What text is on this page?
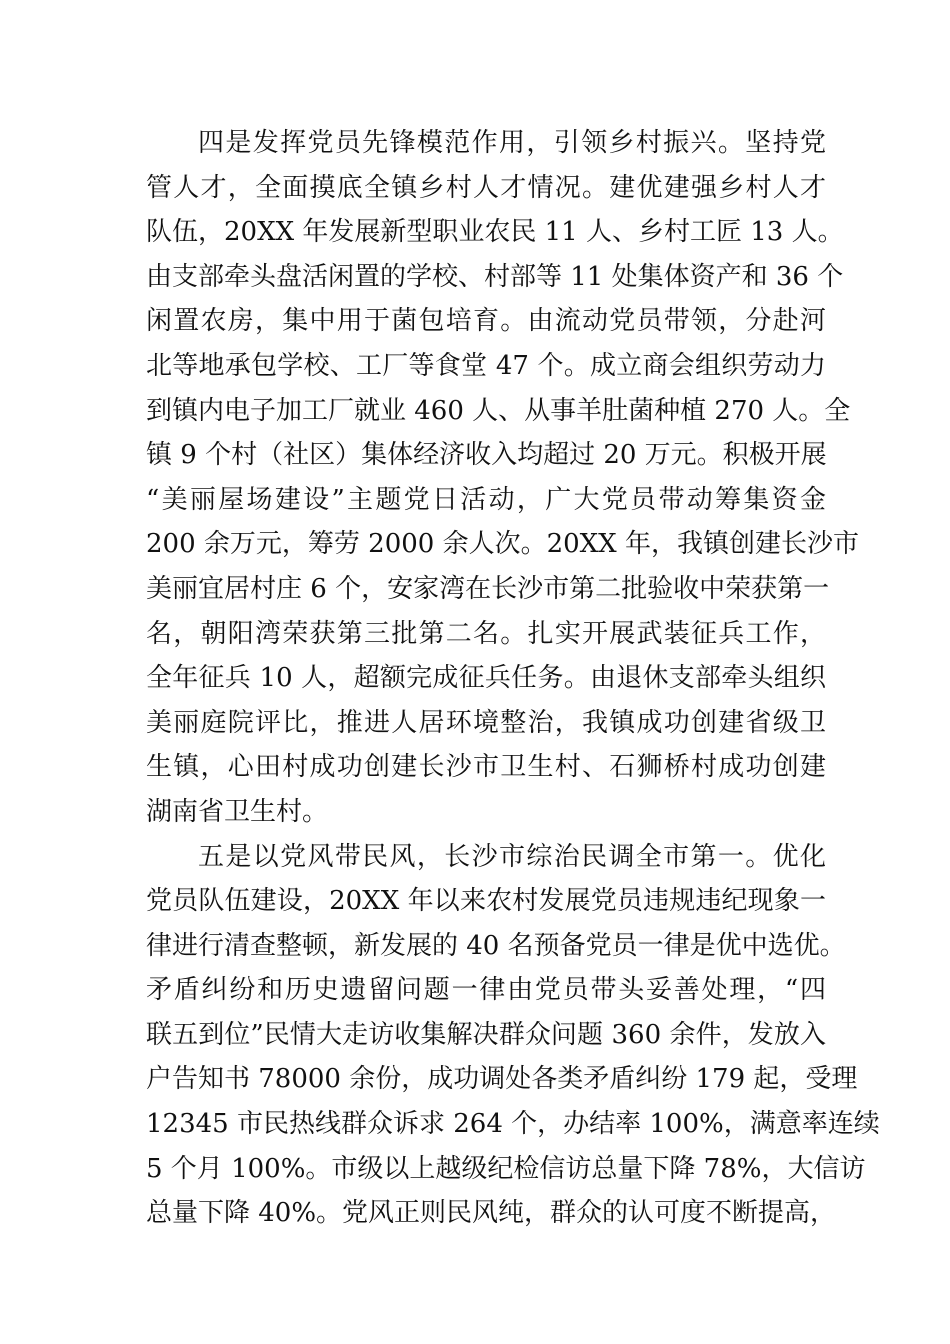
四是发挥党员先锋模范作用，引领乡村振兴。坚持党
管人才，全面摸底全镇乡村人才情况。建优建强乡村人才
队伍，20XX 年发展新型职业农民 11 人、乡村工匠 13 人。
由支部牵头盘活闲置的学校、村部等 11 处集体资产和 36 个
闲置农房，集中用于菌包培育。由流动党员带领，分赴河
北等地承包学校、工厂等食堂 47 个。成立商会组织劳动力
到镇内电子加工厂就业 460 人、从事羊肚菌种植 270 人。全
镇 9 个村（社区）集体经济收入均超过 20 万元。积极开展
“美丽屋场建设”主题党日活动，广大党员带动筹集资金
200 余万元，筹劳 2000 余人次。20XX 年，我镇创建长沙市
美丽宜居村庄 6 个，安家湾在长沙市第二批验收中荣获第一
名，朝阳湾荣获第三批第二名。扎实开展武装征兵工作，
全年征兵 10 人，超额完成征兵任务。由退休支部牵头组织
美丽庭院评比，推进人居环境整治，我镇成功创建省级卫
生镇，心田村成功创建长沙市卫生村、石狮桥村成功创建
湖南省卫生村。
五是以党风带民风，长沙市综治民调全市第一。优化
党员队伍建设，20XX 年以来农村发展党员违规违纪现象一
律进行清查整顿，新发展的 40 名预备党员一律是优中选优。
矛盾纠纷和历史遗留问题一律由党员带头妥善处理，“四
联五到位”民情大走访收集解决群众问题 360 余件，发放入
户告知书 78000 余份，成功调处各类矛盾纠纷 179 起，受理
12345 市民热线群众诉求 264 个，办结率 100%，满意率连续
5 个月 100%。市级以上越级纪检信访总量下降 78%，大信访
总量下降 40%。党风正则民风纯，群众的认可度不断提高，
